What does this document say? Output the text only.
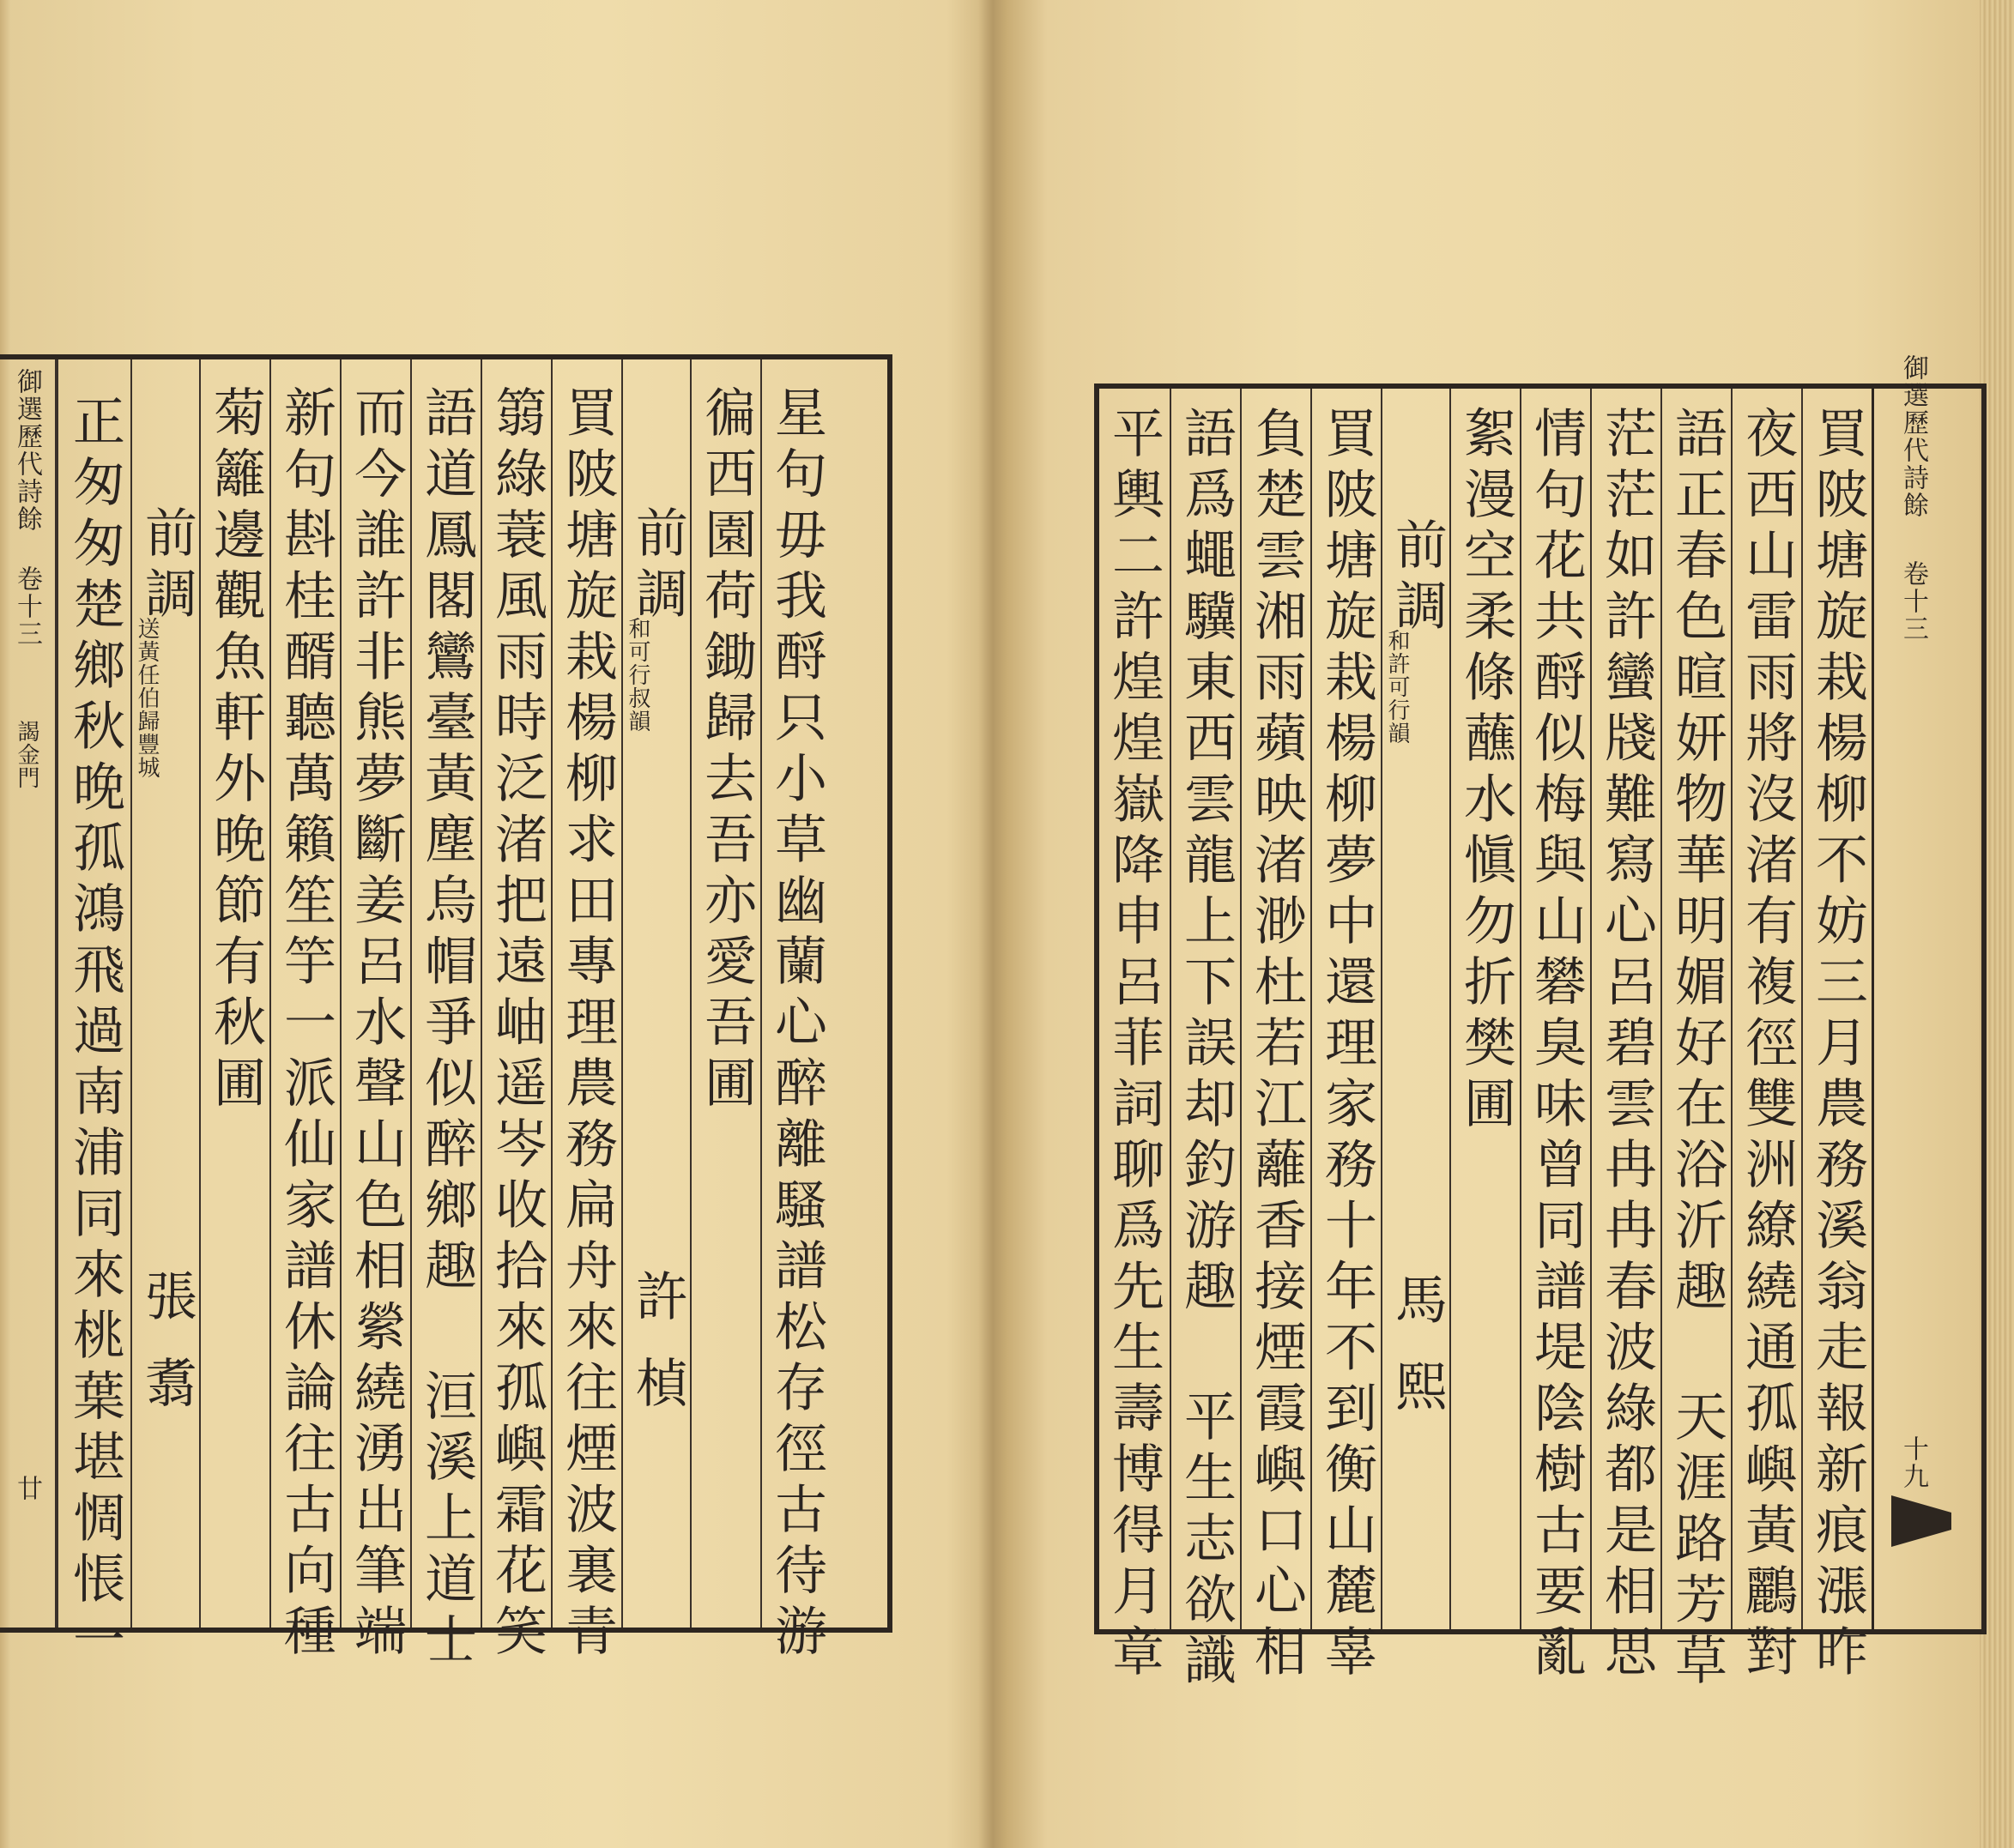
御選歷代詩餘
卷十三
謁金門
廿 正匆匆楚鄉秋晚孤鴻飛過南浦同來桃葉堪惆悵一 前調
送黃任伯歸豐城
張翥
菊籬邊觀魚軒外晚節有秋圃 新句斟桂醑聽萬籟笙竽一派仙家譜休論往古向種 而今誰許非熊夢斷姜呂水聲山色相縈繞湧出筆端 語道鳳閣鸞臺黃塵烏帽爭似醉鄉趣 洹溪上道士 篛綠蓑風雨時泛渚把遠岫遥岑收拾來孤嶼霜花笑 買陂塘旋栽楊柳求田專理農務扁舟來往煙波裏青 前調
和可行叔韻
許楨
徧西園荷鋤歸去吾亦愛吾圃 星句毋我酹只小草幽蘭心醉離騷譜松存徑古待游	平輿二許煌煌嶽降申呂菲詞聊爲先生壽博得月章 語爲蠅驥東西雲龍上下誤却釣游趣 平生志欲識 負楚雲湘雨蘋映渚渺杜若江蘺香接煙霞嶼口心相 買陂塘旋栽楊柳夢中還理家務十年不到衡山麓辜 前調
和許可行韻
馬熙
絮漫空柔條蘸水愼勿折樊圃 情句花共酹似梅與山礬臭味曾同譜堤陰樹古要亂 茫茫如許蠻牋難寫心呂碧雲冉冉春波綠都是相思 語正春色暄妍物華明媚好在浴沂趣 天涯路芳草 夜西山雷雨將沒渚有複徑雙洲繚繞通孤嶼黃鸝對 買陂塘旋栽楊柳不妨三月農務溪翁走報新痕漲昨 御選歷代詩餘
卷十三
十九
